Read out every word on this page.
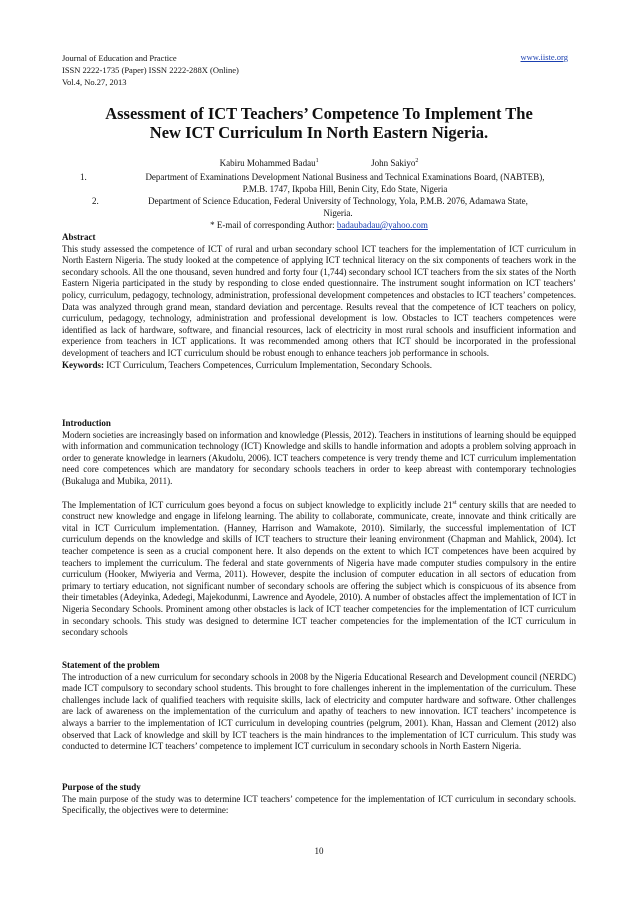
Journal of Education and Practice
ISSN 2222-1735 (Paper) ISSN 2222-288X (Online)
Vol.4, No.27, 2013
www.iiste.org
Assessment of ICT Teachers’ Competence To Implement The
New ICT Curriculum In North Eastern Nigeria.
Kabiru Mohammed Badau$^1$	John Sakiyo$^2$
1.	Department of Examinations Development National Business and Technical Examinations Board, (NABTEB),
P.M.B. 1747, Ikpoba Hill, Benin City, Edo State, Nigeria
2.	Department of Science Education, Federal University of Technology, Yola, P.M.B. 2076, Adamawa State,
Nigeria.
* E-mail of corresponding Author: badaubadau@yahoo.com

Abstract

This study assessed the competence of ICT of rural and urban secondary school ICT teachers for the implementation of ICT curriculum in North Eastern Nigeria. The study looked at the competence of applying ICT technical literacy on the six components of teachers work in the secondary schools. All the one thousand, seven hundred and forty four (1,744) secondary school ICT teachers from the six states of the North Eastern Nigeria participated in the study by responding to close ended questionnaire. The instrument sought information on ICT teachers’ policy, curriculum, pedagogy, technology, administration, professional development competences and obstacles to ICT teachers’ competences. Data was analyzed through grand mean, standard deviation and percentage. Results reveal that the competence of ICT teachers on policy, curriculum, pedagogy, technology, administration and professional development is low. Obstacles to ICT teachers competences were identified as lack of hardware, software, and financial resources, lack of electricity in most rural schools and insufficient information and experience from teachers in ICT applications. It was recommended among others that ICT should be incorporated in the professional development of teachers and ICT curriculum should be robust enough to enhance teachers job performance in schools.

Keywords: ICT Curriculum, Teachers Competences, Curriculum Implementation, Secondary Schools.

Introduction

Modern societies are increasingly based on information and knowledge (Plessis, 2012). Teachers in institutions of learning should be equipped with information and communication technology (ICT) Knowledge and skills to handle information and adopts a problem solving approach in order to generate knowledge in learners (Akudolu, 2006). ICT teachers competence is very trendy theme and ICT curriculum implementation need core competences which are mandatory for secondary schools teachers in order to keep abreast with contemporary technologies (Bukaluga and Mubika, 2011).

The Implementation of ICT curriculum goes beyond a focus on subject knowledge to explicitly include 21st century skills that are needed to construct new knowledge and engage in lifelong learning. The ability to collaborate, communicate, create, innovate and think critically are vital in ICT Curriculum implementation. (Hanney, Harrison and Wamakote, 2010). Similarly, the successful implementation of ICT curriculum depends on the knowledge and skills of ICT teachers to structure their leaning environment (Chapman and Mahlick, 2004). Ict teacher competence is seen as a crucial component here. It also depends on the extent to which ICT competences have been acquired by teachers to implement the curriculum. The federal and state governments of Nigeria have made computer studies compulsory in the entire curriculum (Hooker, Mwiyeria and Verma, 2011). However, despite the inclusion of computer education in all sectors of education from primary to tertiary education, not significant number of secondary schools are offering the subject which is conspicuous of its absence from their timetables (Adeyinka, Adedegi, Majekodunmi, Lawrence and Ayodele, 2010). A number of obstacles affect the implementation of ICT in Nigeria Secondary Schools. Prominent among other obstacles is lack of ICT teacher competencies for the implementation of ICT curriculum in secondary schools. This study was designed to determine ICT teacher competencies for the implementation of the ICT curriculum in secondary schools

Statement of the problem

The introduction of a new curriculum for secondary schools in 2008 by the Nigeria Educational Research and Development council (NERDC) made ICT compulsory to secondary school students. This brought to fore challenges inherent in the implementation of the curriculum. These challenges include lack of qualified teachers with requisite skills, lack of electricity and computer hardware and software. Other challenges are lack of awareness on the implementation of the curriculum and apathy of teachers to new innovation. ICT teachers’ incompetence is always a barrier to the implementation of ICT curriculum in developing countries (pelgrum, 2001). Khan, Hassan and Clement (2012) also observed that Lack of knowledge and skill by ICT teachers is the main hindrances to the implementation of ICT curriculum. This study was conducted to determine ICT teachers’ competence to implement ICT curriculum in secondary schools in North Eastern Nigeria.

Purpose of the study

The main purpose of the study was to determine ICT teachers’ competence for the implementation of ICT curriculum in secondary schools. Specifically, the objectives were to determine:

10
